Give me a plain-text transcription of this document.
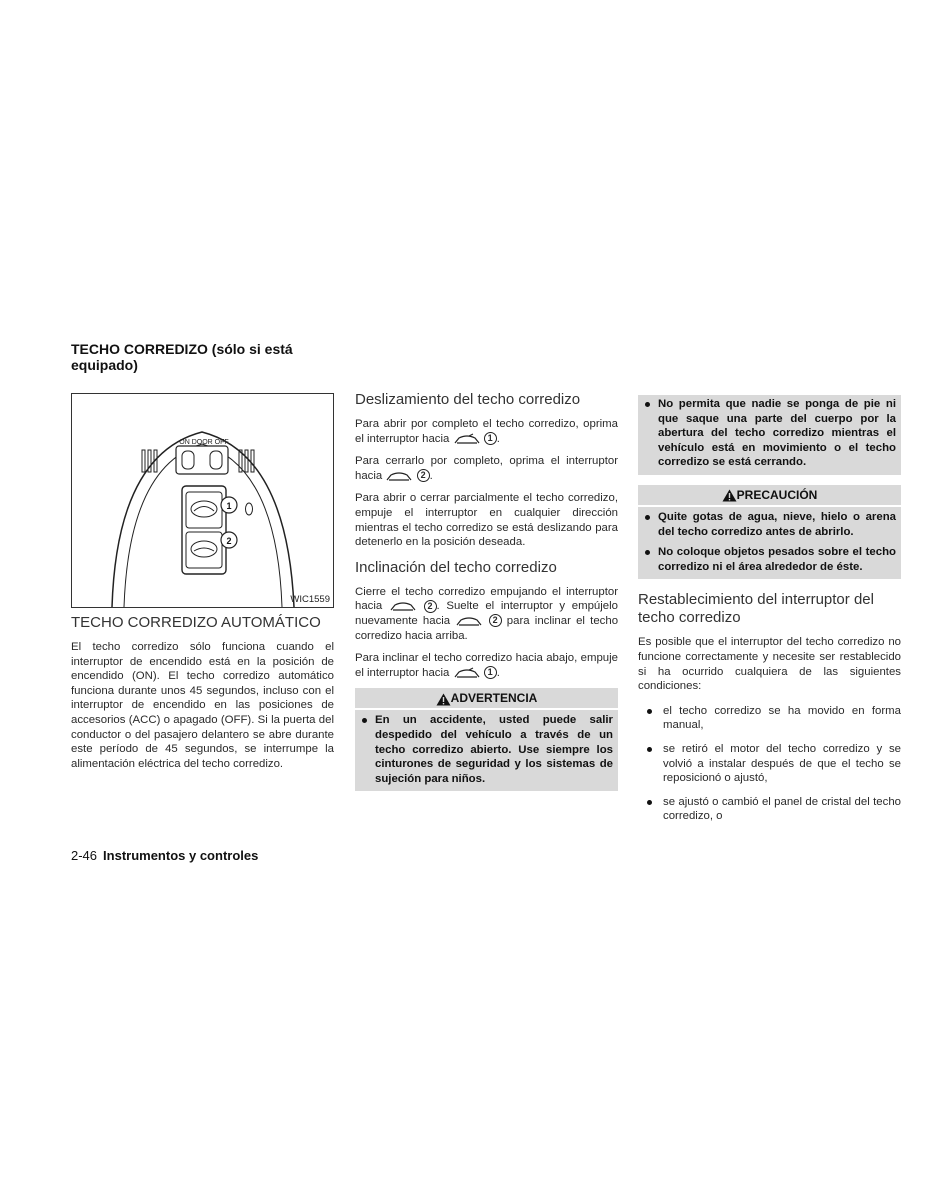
TECHO CORREDIZO (sólo si está equipado)
ON DOOR OFF
1
2
WIC1559
TECHO CORREDIZO AUTOMÁTICO
El techo corredizo sólo funciona cuando el interruptor de encendido está en la posición de encendido (ON). El techo corredizo automático funciona durante unos 45 segundos, incluso con el interruptor de encendido en las posiciones de accesorios (ACC) o apagado (OFF). Si la puerta del conductor o del pasajero delantero se abre durante este período de 45 segundos, se interrumpe la alimentación eléctrica del techo corredizo.
Deslizamiento del techo corredizo
Para abrir por completo el techo corredizo, oprima el interruptor hacia	1 .
Para cerrarlo por completo, oprima el interruptor hacia	2 .
Para abrir o cerrar parcialmente el techo corredizo, empuje el interruptor en cualquier dirección mientras el techo corredizo se está deslizando para detenerlo en la posición deseada.
Inclinación del techo corredizo
Cierre el techo corredizo empujando el interruptor hacia	2 . Suelte el interruptor y empújelo nuevamente hacia	2 para inclinar el techo corredizo hacia arriba.
Para inclinar el techo corredizo hacia abajo, empuje el interruptor hacia	1 .
ADVERTENCIA
En un accidente, usted puede salir despedido del vehículo a través de un techo corredizo abierto. Use siempre los cinturones de seguridad y los sistemas de sujeción para niños.
No permita que nadie se ponga de pie ni que saque una parte del cuerpo por la abertura del techo corredizo mientras el vehículo está en movimiento o el techo corredizo se está cerrando.
PRECAUCIÓN
Quite gotas de agua, nieve, hielo o arena del techo corredizo antes de abrirlo.
No coloque objetos pesados sobre el techo corredizo ni el área alrededor de éste.
Restablecimiento del interruptor del techo corredizo
Es posible que el interruptor del techo corredizo no funcione correctamente y necesite ser restablecido si ha ocurrido cualquiera de las siguientes condiciones:
el techo corredizo se ha movido en forma manual,
se retiró el motor del techo corredizo y se volvió a instalar después de que el techo se reposicionó o ajustó,
se ajustó o cambió el panel de cristal del techo corredizo, o
2-46 Instrumentos y controles
